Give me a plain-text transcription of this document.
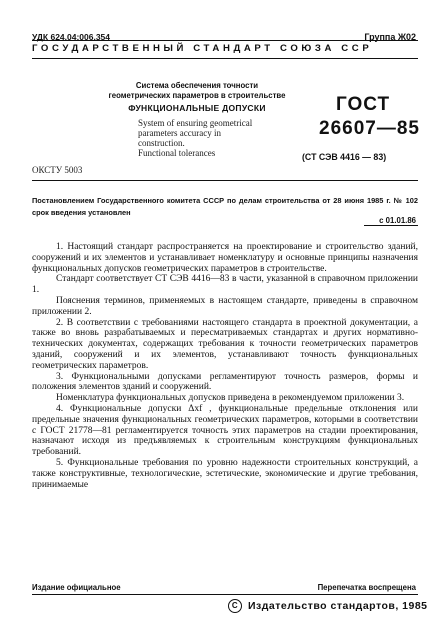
УДК 624.04:006.354	Группа Ж02
ГОСУДАРСТВЕННЫЙ СТАНДАРТ СОЮЗА ССР
Система обеспечения точности
геометрических параметров в строительстве
ФУНКЦИОНАЛЬНЫЕ ДОПУСКИ
System of ensuring geometrical
parameters accuracy in construction.
Functional tolerances
ГОСТ
26607—85
(СТ СЭВ 4416 — 83)
ОКСТУ 5003
Постановлением Государственного комитета СССР по делам строительства от 28 июня 1985 г. № 102 срок введения установлен
с 01.01.86

1. Настоящий стандарт распространяется на проектирование и строительство зданий, сооружений и их элементов и устанавливает номенклатуру и основные принципы назначения функциональных допусков геометрических параметров в строительстве.

Стандарт соответствует СТ СЭВ 4416—83 в части, указанной в справочном приложении 1.

Пояснения терминов, применяемых в настоящем стандарте, приведены в справочном приложении 2.

2. В соответствии с требованиями настоящего стандарта в проектной документации, а также во вновь разрабатываемых и пересматриваемых стандартах и других нормативно-технических документах, содержащих требования к точности геометрических параметров зданий, сооружений и их элементов, устанавливают точность функциональных геометрических параметров.

3. Функциональными допусками регламентируют точность размеров, формы и положения элементов зданий и сооружений.

Номенклатура функциональных допусков приведена в рекомендуемом приложении 3.

4. Функциональные допуски Δxf , функциональные предельные отклонения или предельные значения функциональных геометрических параметров, которыми в соответствии с ГОСТ 21778—81 регламентируется точность этих параметров на стадии проектирования, назначают исходя из предъявляемых к строительным конструкциям функциональных требований.

5. Функциональные требования по уровню надежности строительных конструкций, а также конструктивные, технологические, эстетические, экономические и другие требования, принимаемые

Издание официальное	Перепечатка воспрещена
C Издательство стандартов, 1985
